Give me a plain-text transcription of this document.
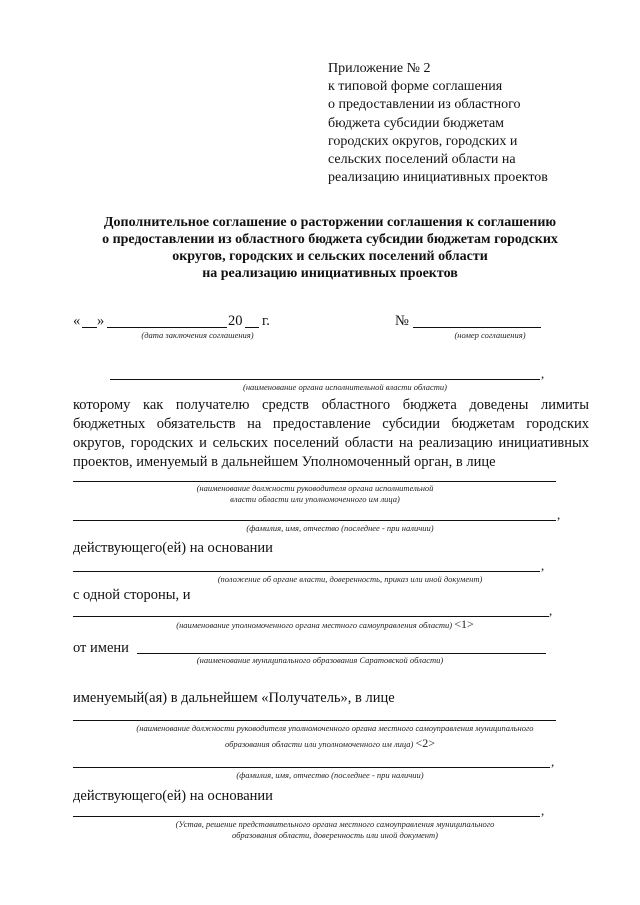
Приложение № 2
к типовой форме соглашения
о предоставлении из областного
бюджета субсидии бюджетам
городских округов, городских и
сельских поселений области на
реализацию инициативных проектов
Дополнительное соглашение о расторжении соглашения к соглашению
о предоставлении из областного бюджета субсидии бюджетам городских
округов, городских и сельских поселений области
на реализацию инициативных проектов
« »	20 г.
(дата заключения соглашения)
№
(номер соглашения)
,
(наименование органа исполнительной власти области)
которому как получателю средств областного бюджета доведены лимиты
бюджетных обязательств на предоставление субсидии бюджетам городских
округов, городских и сельских поселений области на реализацию инициативных
проектов, именуемый в дальнейшем Уполномоченный орган, в лице
(наименование должности руководителя органа исполнительной
власти области или уполномоченного им лица)
,
(фамилия, имя, отчество (последнее - при наличии)
действующего(ей) на основании
,
(положение об органе власти, доверенность, приказ или иной документ)
с одной стороны, и
,
(наименование уполномоченного органа местного самоуправления области) <1>
от имени
(наименование муниципального образования Саратовской области)
именуемый(ая) в дальнейшем «Получатель», в лице
(наименование должности руководителя уполномоченного органа местного самоуправления муниципального
образования области или уполномоченного им лица) <2>
,
(фамилия, имя, отчество (последнее - при наличии)
действующего(ей) на основании
,
(Устав, решение представительного органа местного самоуправления муниципального
образования области, доверенность или иной документ)
